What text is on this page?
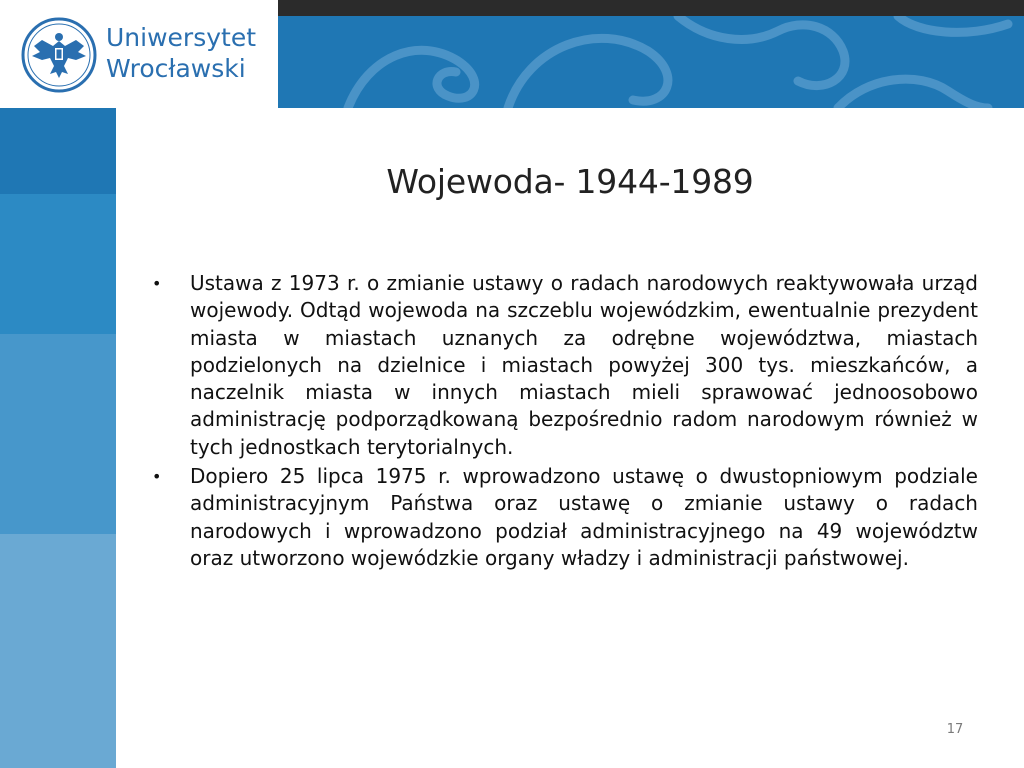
Uniwersytet
Wrocławski
Wojewoda- 1944-1989
• Ustawa z 1973 r. o zmianie ustawy o radach narodowych reaktywowała urząd wojewody. Odtąd wojewoda na szczeblu wojewódzkim, ewentualnie prezydent miasta w miastach uznanych za odrębne województwa, miastach podzielonych na dzielnice i miastach powyżej 300 tys. mieszkańców, a naczelnik miasta w innych miastach mieli sprawować jednoosobowo administrację podporządkowaną bezpośrednio radom narodowym również w tych jednostkach terytorialnych.
• Dopiero 25 lipca 1975 r. wprowadzono ustawę o dwustopniowym podziale administracyjnym Państwa oraz ustawę o zmianie ustawy o radach narodowych i wprowadzono podział administracyjnego na 49 województw oraz utworzono wojewódzkie organy władzy i administracji państwowej.
17
